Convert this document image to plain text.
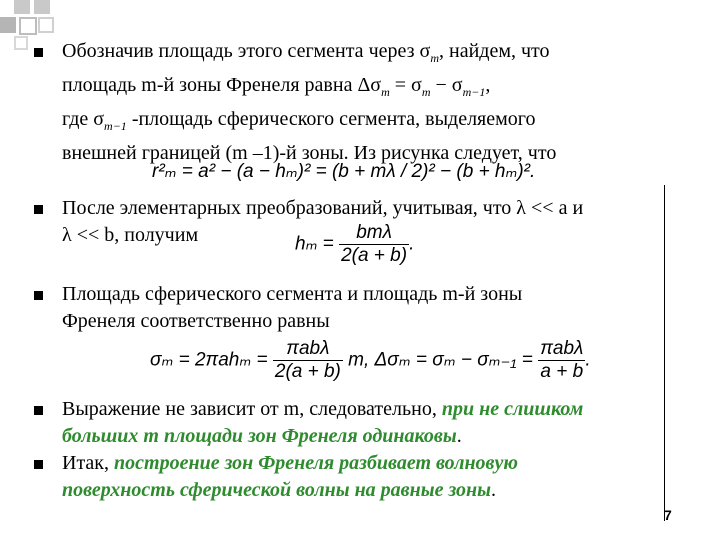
Обозначив площадь этого сегмента через $\sigma_m$, найдем, что
площадь m-й зоны Френеля равна $\Delta\sigma_m = \sigma_m - \sigma_{m-1}$,
где $\sigma_{m-1}$ -площадь сферического сегмента, выделяемого
внешней границей (m –1)-й зоны. Из рисунка следует, что
r²ₘ = a² − (a − hₘ)² = (b + mλ / 2)² − (b + hₘ)².
После элементарных преобразований, учитывая, что λ << a и
λ << b, получим	$h_m = \frac{\text{bmλ}}{2(a + b)}$ .
Площадь сферического сегмента и площадь m-й зоны
Френеля соответственно равны
$\sigma_m = 2\pi ah_m = \frac{\text{πabλ}}{2(a + b)} m$, $\Delta\sigma_m = \sigma_m - \sigma_{m-1} = \frac{\text{πabλ}}{a + b}$ .
Выражение не зависит от m, следовательно, при не слишком
больших m площади зон Френеля одинаковы.
Итак, построение зон Френеля разбивает волновую
поверхность сферической волны на равные зоны.
7
